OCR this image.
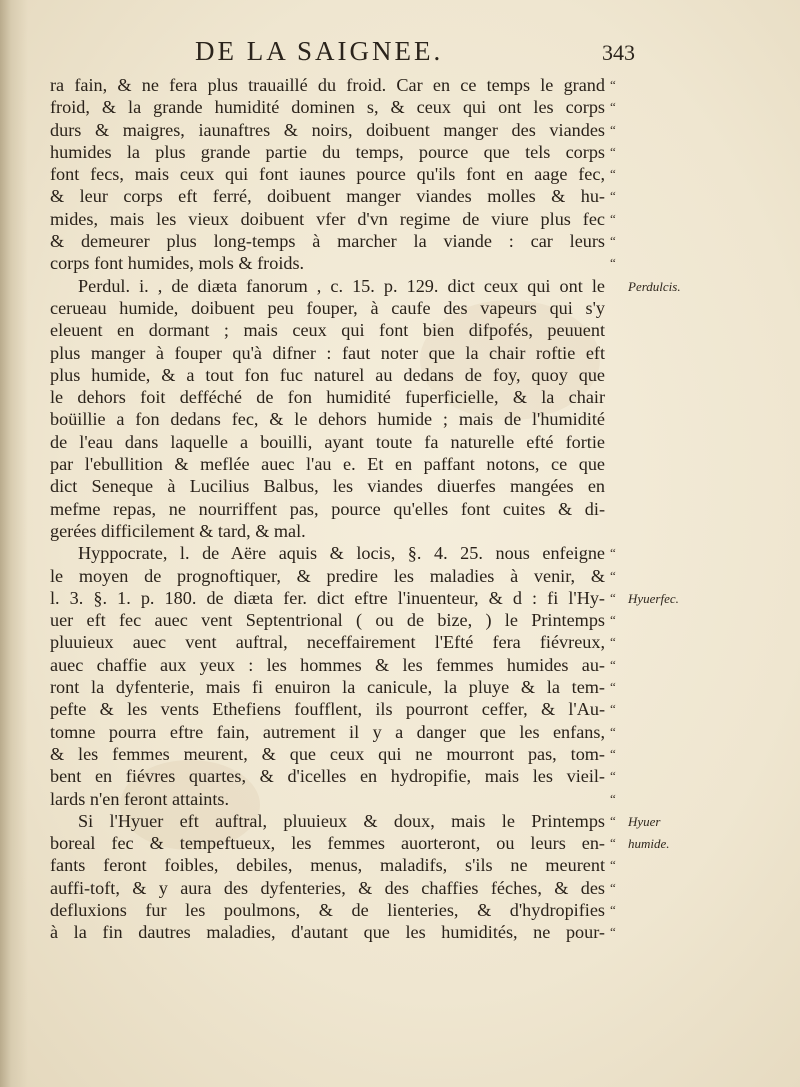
DE LA SAIGNEE.	343
ra fain, & ne fera plus trauaillé du froid. Car en ce temps le grand
froid, & la grande humidité dominen s, & ceux qui ont les corps
durs & maigres, iaunaftres & noirs, doibuent manger des viandes
humides la plus grande partie du temps, pource que tels corps
font fecs, mais ceux qui font iaunes pource qu'ils font en aage fec,
& leur corps eft ferré, doibuent manger viandes molles & hu-
mides, mais les vieux doibuent vfer d'vn regime de viure plus fec
& demeurer plus long-temps à marcher la viande : car leurs
corps font humides, mols & froids.
Perdul. i. , de diæta fanorum , c. 15. p. 129. dict ceux qui ont le
cerueau humide, doibuent peu fouper, à caufe des vapeurs qui s'y
eleuent en dormant ; mais ceux qui font bien difpofés, peuuent
plus manger à fouper qu'à difner : faut noter que la chair roftie eft
plus humide, & a tout fon fuc naturel au dedans de foy, quoy que
le dehors foit defféché de fon humidité fuperficielle, & la chair
boüillie a fon dedans fec, & le dehors humide ; mais de l'humidité
de l'eau dans laquelle a bouilli, ayant toute fa naturelle efté fortie
par l'ebullition & meflée auec l'au e. Et en paffant notons, ce que
dict Seneque à Lucilius Balbus, les viandes diuerfes mangées en
mefme repas, ne nourriffent pas, pource qu'elles font cuites & di-
gerées difficilement & tard, & mal.
Hyppocrate, l. de Aëre aquis & locis, §. 4. 25. nous enfeigne
le moyen de prognoftiquer, & predire les maladies à venir, &
l. 3. §. 1. p. 180. de diæta fer. dict eftre l'inuenteur, & d : fi l'Hy-
uer eft fec auec vent Septentrional ( ou de bize, ) le Printemps
pluuieux auec vent auftral, neceffairement l'Efté fera fiévreux,
auec chaffie aux yeux : les hommes & les femmes humides au-
ront la dyfenterie, mais fi enuiron la canicule, la pluye & la tem-
pefte & les vents Ethefiens foufflent, ils pourront ceffer, & l'Au-
tomne pourra eftre fain, autrement il y a danger que les enfans,
& les femmes meurent, & que ceux qui ne mourront pas, tom-
bent en fiévres quartes, & d'icelles en hydropifie, mais les vieil-
lards n'en feront attaints.
Si l'Hyuer eft auftral, pluuieux & doux, mais le Printemps
boreal fec & tempeftueux, les femmes auorteront, ou leurs en-
fants feront foibles, debiles, menus, maladifs, s'ils ne meurent
auffi-toft, & y aura des dyfenteries, & des chaffies féches, & des
defluxions fur les poulmons, & de lienteries, & d'hydropifies
à la fin dautres maladies, d'autant que les humidités, ne pour-
“
“
“
“
“
“
“
“
“
“
“
“
“
“
“
“
“
“
“
“
“
“
“
“
“
“
“
Perdulcis.
Hyuerfec.
Hyuer
humide.
